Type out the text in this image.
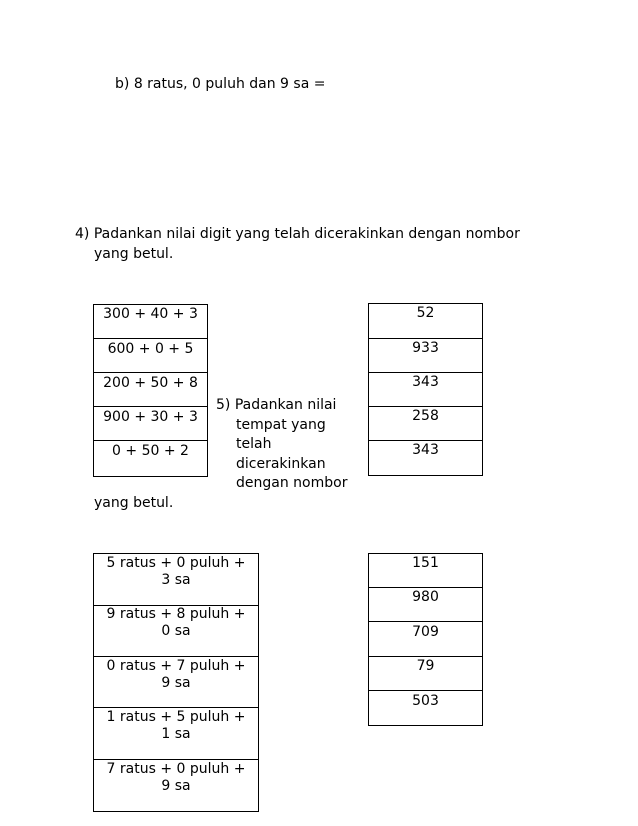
b) 8 ratus, 0 puluh dan 9 sa =
4) Padankan nilai digit yang telah dicerakinkan dengan nombor
yang betul.
300 + 40 + 3
600 + 0 + 5
200 + 50 + 8
900 + 30 + 3
0 + 50 + 2
52
933
343
258
343
5) Padankan nilai
tempat yang
telah
dicerakinkan
dengan nombor
yang betul.
5 ratus + 0 puluh +
3 sa
9 ratus + 8 puluh +
0 sa
0 ratus + 7 puluh +
9 sa
1 ratus + 5 puluh +
1 sa
7 ratus + 0 puluh +
9 sa
151
980
709
79
503
